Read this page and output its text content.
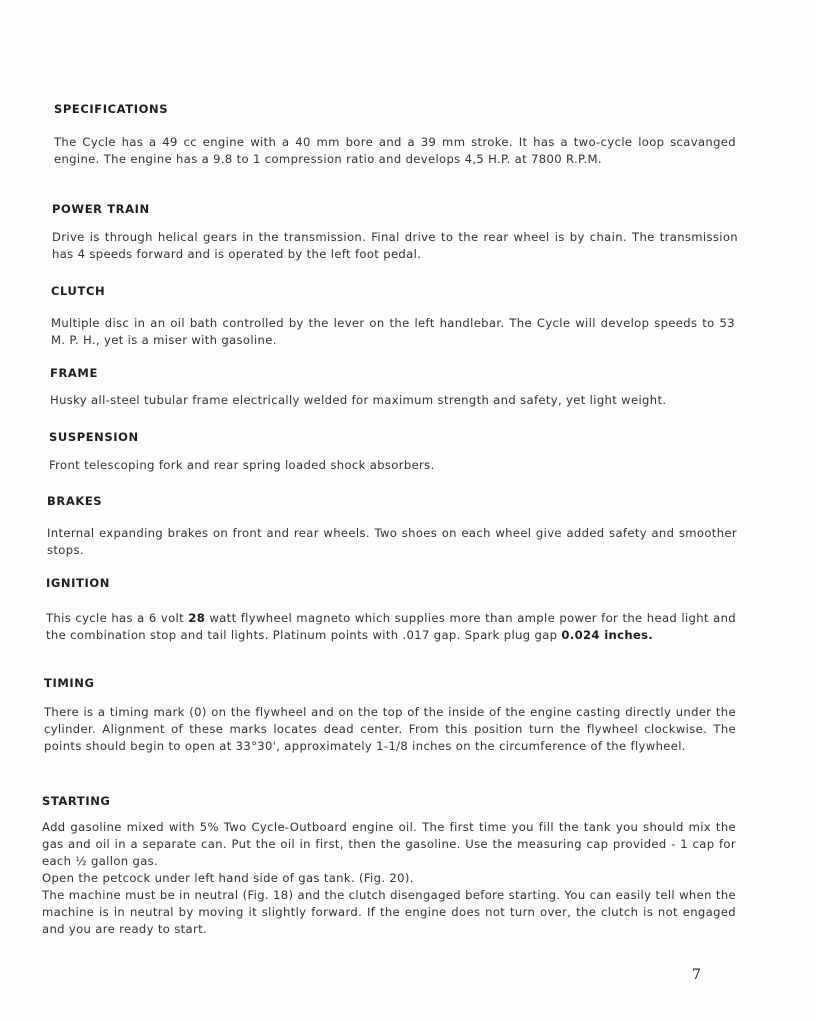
SPECIFICATIONS

The Cycle has a 49 cc engine with a 40 mm bore and a 39 mm stroke. It has a two-cycle loop scavanged engine. The engine has a 9.8 to 1 compression ratio and develops 4,5 H.P. at 7800 R.P.M.

POWER TRAIN

Drive is through helical gears in the transmission. Final drive to the rear wheel is by chain. The transmission has 4 speeds forward and is operated by the left foot pedal.

CLUTCH

Multiple disc in an oil bath controlled by the lever on the left handlebar. The Cycle will develop speeds to 53 M. P. H., yet is a miser with gasoline.

FRAME

Husky all-steel tubular frame electrically welded for maximum strength and safety, yet light weight.

SUSPENSION

Front telescoping fork and rear spring loaded shock absorbers.

BRAKES

Internal expanding brakes on front and rear wheels. Two shoes on each wheel give added safety and smoother stops.

IGNITION

This cycle has a 6 volt 28 watt flywheel magneto which supplies more than ample power for the head light and the combination stop and tail lights. Platinum points with .017 gap. Spark plug gap 0.024 inches.

TIMING

There is a timing mark (0) on the flywheel and on the top of the inside of the engine casting directly under the cylinder. Alignment of these marks locates dead center. From this position turn the flywheel clockwise. The points should begin to open at 33°30', approximately 1-1/8 inches on the circumference of the flywheel.

STARTING

Add gasoline mixed with 5% Two Cycle-Outboard engine oil. The first time you fill the tank you should mix the gas and oil in a separate can. Put the oil in first, then the gasoline. Use the measuring cap provided - 1 cap for each ½ gallon gas.

Open the petcock under left hand side of gas tank. (Fig. 20).

The machine must be in neutral (Fig. 18) and the clutch disengaged before starting. You can easily tell when the machine is in neutral by moving it slightly forward. If the engine does not turn over, the clutch is not engaged and you are ready to start.

7
